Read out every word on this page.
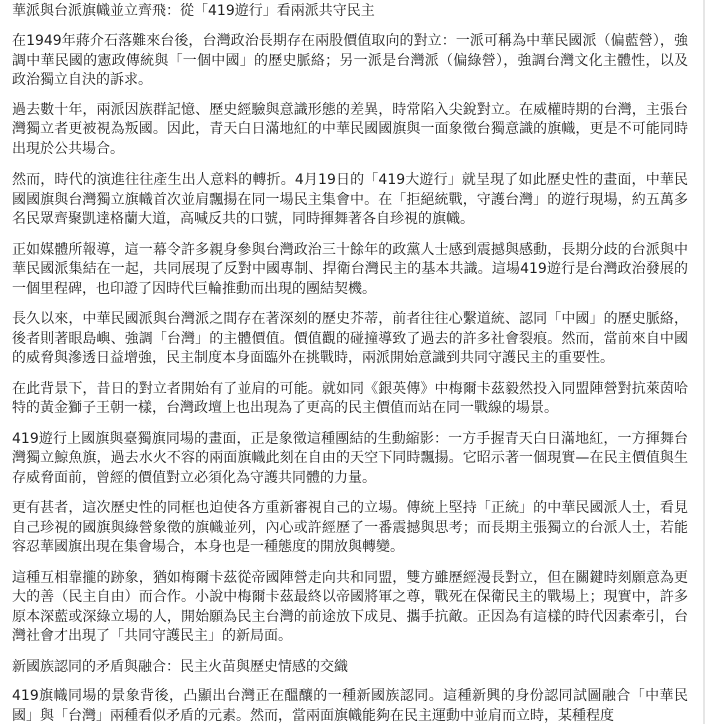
華派與台派旗幟並立齊飛：從「419遊行」看兩派共守民主

在1949年蔣介石落難來台後，台灣政治長期存在兩股價值取向的對立：一派可稱為中華民國派（偏藍營），強調中華民國的憲政傳統與「一個中國」的歷史脈絡；另一派是台灣派（偏綠營），強調台灣文化主體性，以及政治獨立自決的訴求。

過去數十年，兩派因族群記憶、歷史經驗與意識形態的差異，時常陷入尖銳對立。在威權時期的台灣，主張台灣獨立者更被視為叛國。因此，青天白日滿地紅的中華民國國旗與一面象徵台獨意識的旗幟，更是不可能同時出現於公共場合。

然而，時代的演進往往產生出人意料的轉折。4月19日的「419大遊行」就呈現了如此歷史性的畫面，中華民國國旗與台灣獨立旗幟首次並肩飄揚在同一場民主集會中。在「拒絕統戰，守護台灣」的遊行現場，約五萬多名民眾齊聚凱達格蘭大道，高喊反共的口號，同時揮舞著各自珍視的旗幟。

正如媒體所報導，這一幕令許多親身參與台灣政治三十餘年的政黨人士感到震撼與感動，長期分歧的台派與中華民國派集結在一起，共同展現了反對中國專制、捍衛台灣民主的基本共識。這場419遊行是台灣政治發展的一個里程碑，也印證了因時代巨輪推動而出現的團結契機。

長久以來，中華民國派與台灣派之間存在著深刻的歷史芥蒂，前者往往心繫道統、認同「中國」的歷史脈絡，後者則著眼島嶼、強調「台灣」的主體價值。價值觀的碰撞導致了過去的許多社會裂痕。然而，當前來自中國的威脅與滲透日益增強，民主制度本身面臨外在挑戰時，兩派開始意識到共同守護民主的重要性。

在此背景下，昔日的對立者開始有了並肩的可能。就如同《銀英傳》中梅爾卡茲毅然投入同盟陣營對抗萊茵哈特的黃金獅子王朝一樣，台灣政壇上也出現為了更高的民主價值而站在同一戰線的場景。

419遊行上國旗與臺獨旗同場的畫面，正是象徵這種團結的生動縮影：一方手握青天白日滿地紅，一方揮舞台灣獨立鯨魚旗，過去水火不容的兩面旗幟此刻在自由的天空下同時飄揚。它昭示著一個現實—在民主價值與生存威脅面前，曾經的價值對立必須化為守護共同體的力量。

更有甚者，這次歷史性的同框也迫使各方重新審視自己的立場。傳統上堅持「正統」的中華民國派人士，看見自己珍視的國旗與綠營象徵的旗幟並列，內心或許經歷了一番震撼與思考；而長期主張獨立的台派人士，若能容忍華國旗出現在集會場合，本身也是一種態度的開放與轉變。

這種互相靠攏的跡象，猶如梅爾卡茲從帝國陣營走向共和同盟，雙方雖歷經漫長對立，但在關鍵時刻願意為更大的善（民主自由）而合作。小說中梅爾卡茲最終以帝國將軍之尊，戰死在保衛民主的戰場上；現實中，許多原本深藍或深綠立場的人，開始願為民主台灣的前途放下成見、攜手抗敵。正因為有這樣的時代因素牽引，台灣社會才出現了「共同守護民主」的新局面。

新國族認同的矛盾與融合：民主火苗與歷史情感的交織

419旗幟同場的景象背後，凸顯出台灣正在醞釀的一種新國族認同。這種新興的身份認同試圖融合「中華民國」與「台灣」兩種看似矛盾的元素。然而，當兩面旗幟能夠在民主運動中並肩而立時，某種程度
